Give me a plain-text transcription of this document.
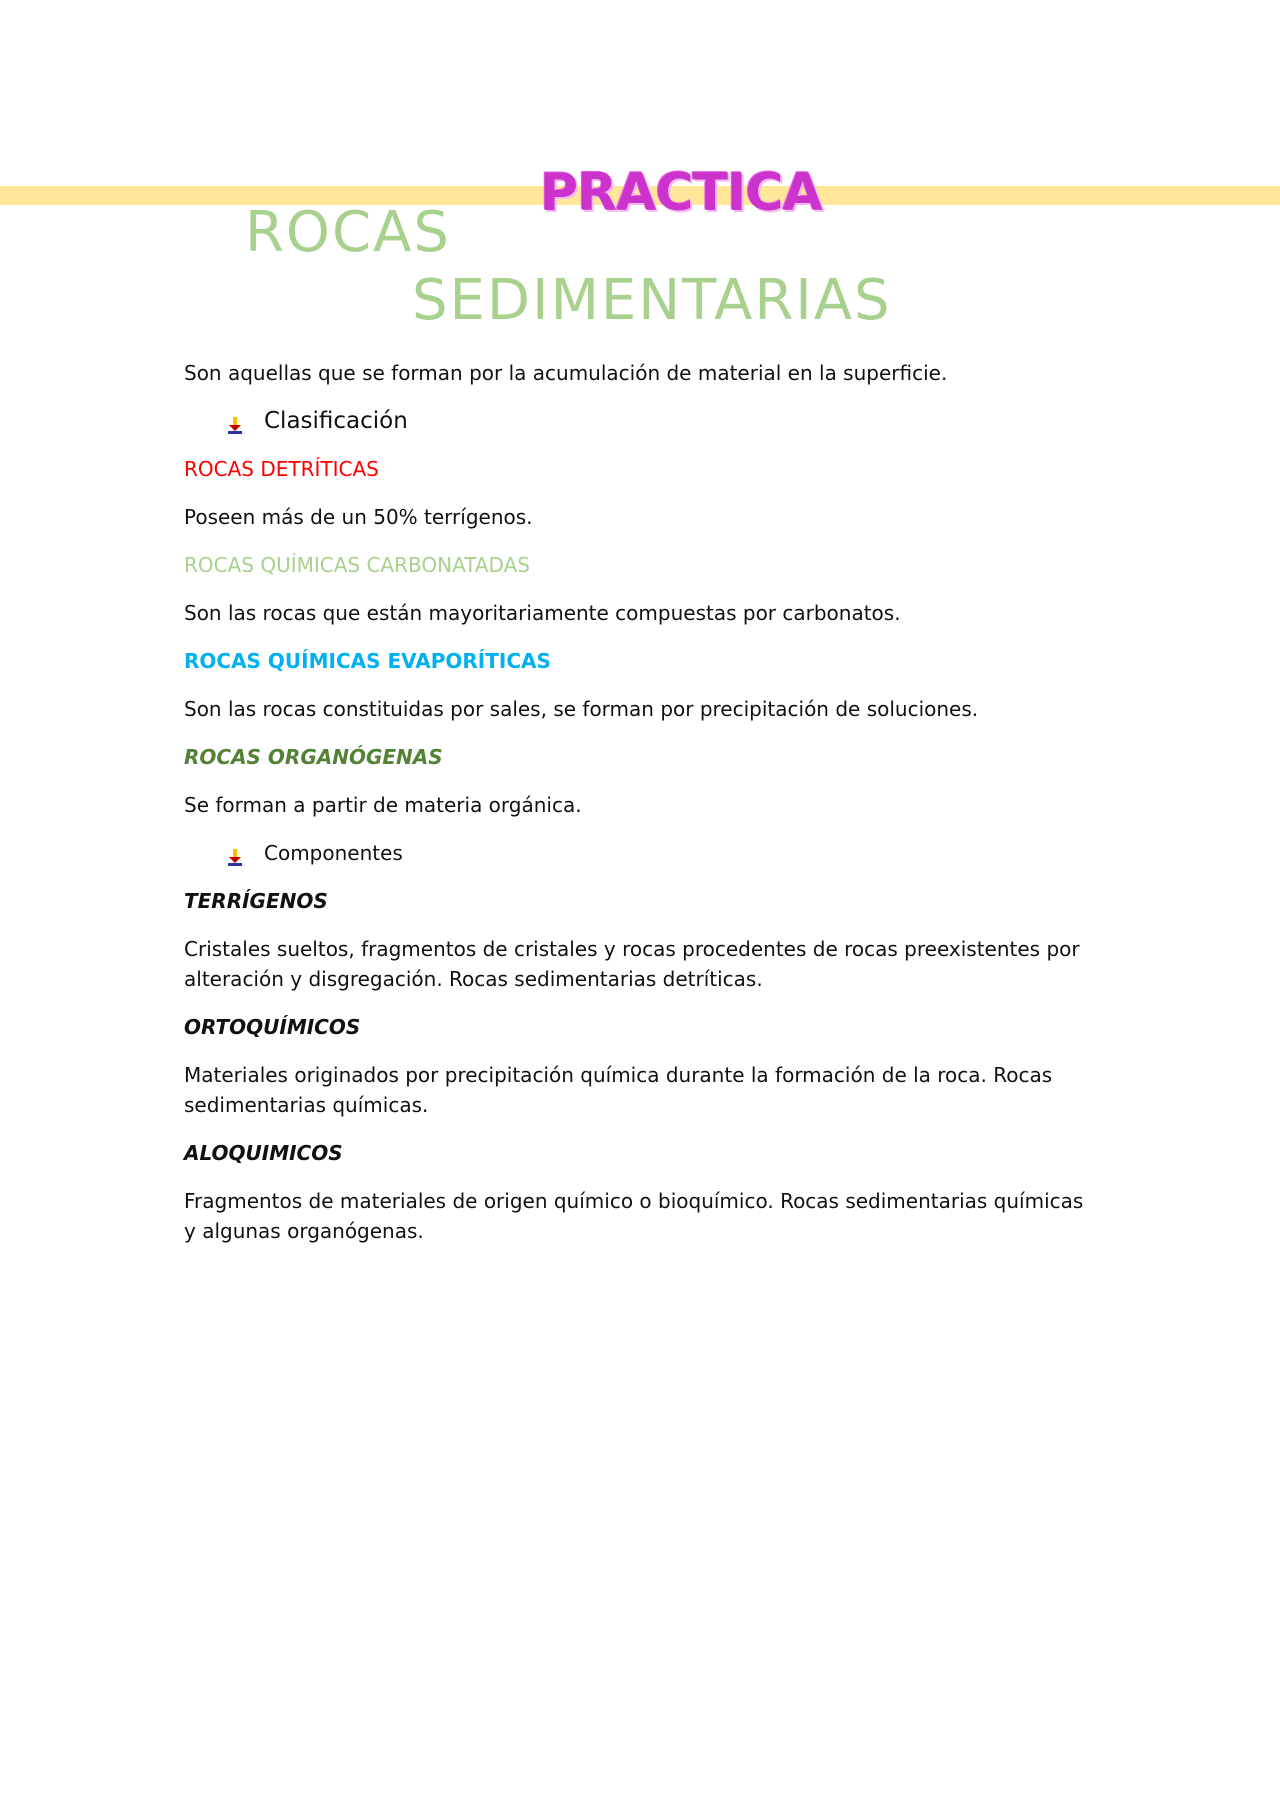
PRACTICA
ROCAS
SEDIMENTARIAS

Son aquellas que se forman por la acumulación de material en la superficie.

Clasificación

ROCAS DETRÍTICAS

Poseen más de un 50% terrígenos.

ROCAS QUÍMICAS CARBONATADAS

Son las rocas que están mayoritariamente compuestas por carbonatos.

ROCAS QUÍMICAS EVAPORÍTICAS

Son las rocas constituidas por sales, se forman por precipitación de soluciones.

ROCAS ORGANÓGENAS

Se forman a partir de materia orgánica.

Componentes

TERRÍGENOS

Cristales sueltos, fragmentos de cristales y rocas procedentes de rocas preexistentes por alteración y disgregación. Rocas sedimentarias detríticas.

ORTOQUÍMICOS

Materiales originados por precipitación química durante la formación de la roca. Rocas sedimentarias químicas.

ALOQUIMICOS

Fragmentos de materiales de origen químico o bioquímico. Rocas sedimentarias químicas y algunas organógenas.
